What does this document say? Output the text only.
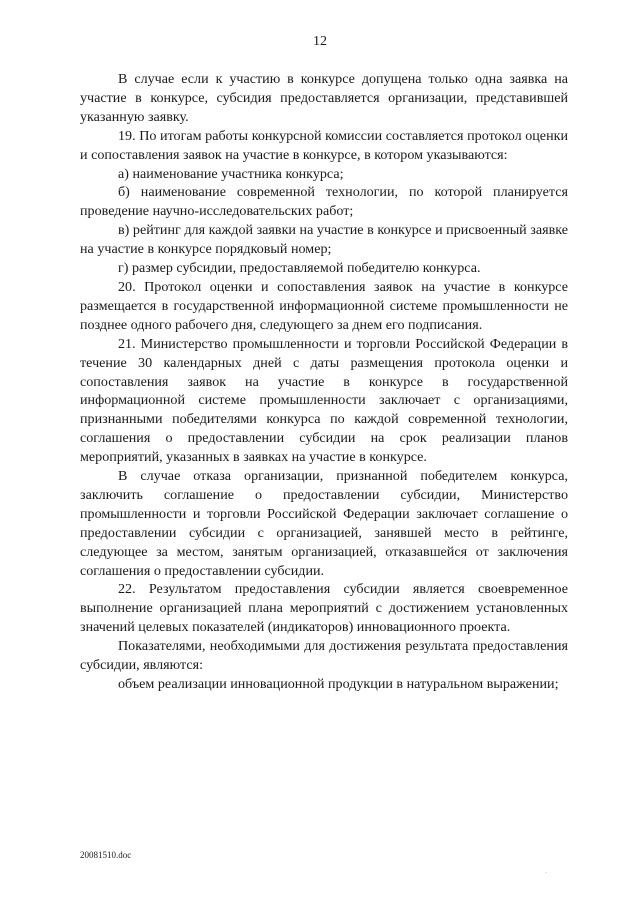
12

В случае если к участию в конкурсе допущена только одна заявка на участие в конкурсе, субсидия предоставляется организации, представившей указанную заявку.

19. По итогам работы конкурсной комиссии составляется протокол оценки и сопоставления заявок на участие в конкурсе, в котором указываются:

а) наименование участника конкурса;

б) наименование современной технологии, по которой планируется проведение научно-исследовательских работ;

в) рейтинг для каждой заявки на участие в конкурсе и присвоенный заявке на участие в конкурсе порядковый номер;

г) размер субсидии, предоставляемой победителю конкурса.

20. Протокол оценки и сопоставления заявок на участие в конкурсе размещается в государственной информационной системе промышленности не позднее одного рабочего дня, следующего за днем его подписания.

21. Министерство промышленности и торговли Российской Федерации в течение 30 календарных дней с даты размещения протокола оценки и сопоставления заявок на участие в конкурсе в государственной информационной системе промышленности заключает с организациями, признанными победителями конкурса по каждой современной технологии, соглашения о предоставлении субсидии на срок реализации планов мероприятий, указанных в заявках на участие в конкурсе.

В случае отказа организации, признанной победителем конкурса, заключить соглашение о предоставлении субсидии, Министерство промышленности и торговли Российской Федерации заключает соглашение о предоставлении субсидии с организацией, занявшей место в рейтинге, следующее за местом, занятым организацией, отказавшейся от заключения соглашения о предоставлении субсидии.

22. Результатом предоставления субсидии является своевременное выполнение организацией плана мероприятий с достижением установленных значений целевых показателей (индикаторов) инновационного проекта.

Показателями, необходимыми для достижения результата предоставления субсидии, являются:

объем реализации инновационной продукции в натуральном выражении;

20081510.doc
·
